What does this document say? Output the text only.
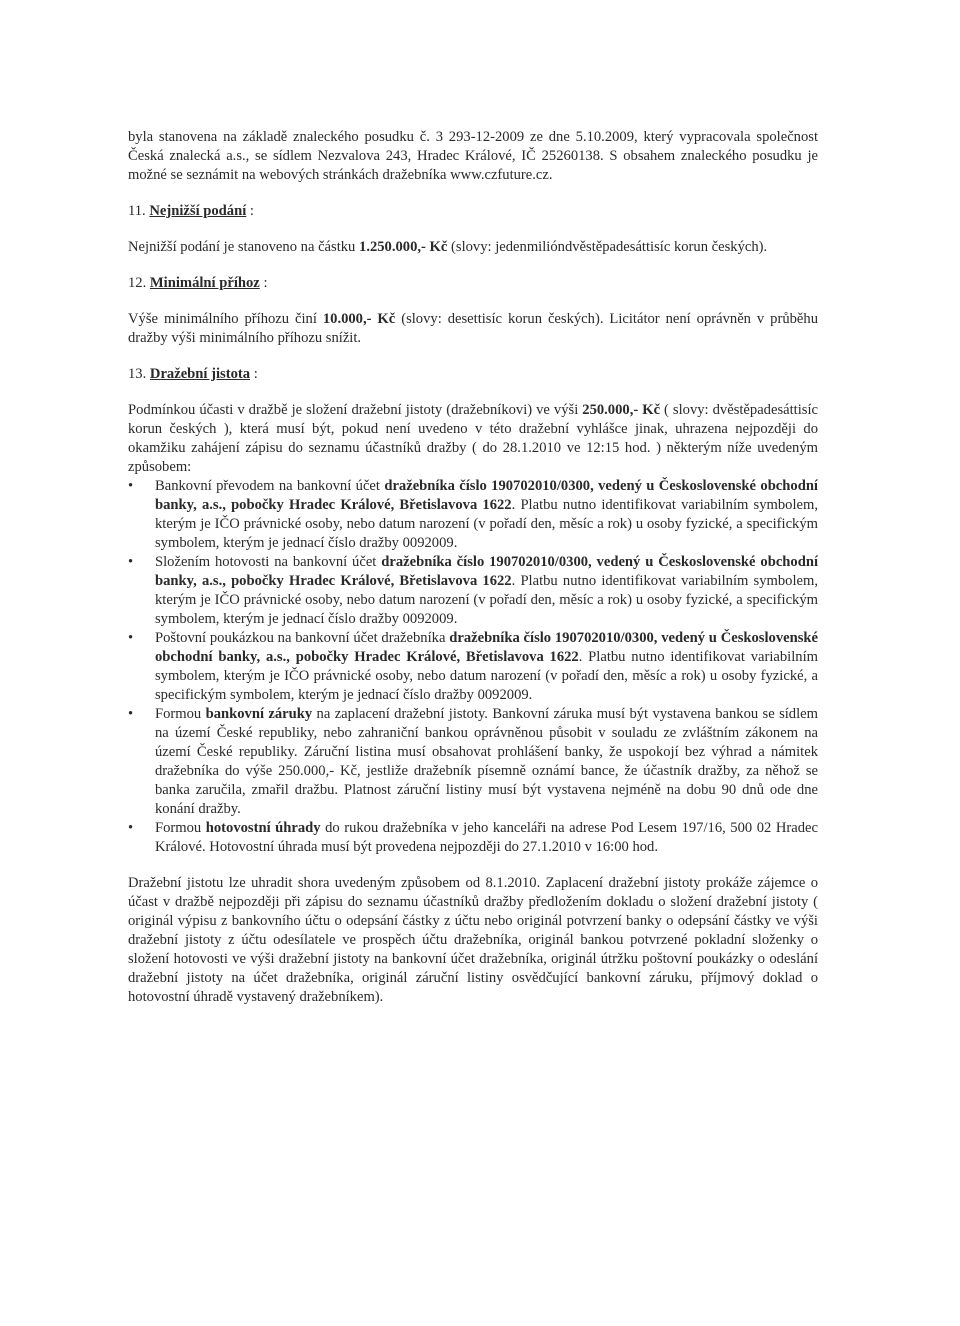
byla stanovena na základě znaleckého posudku č. 3 293-12-2009 ze dne 5.10.2009, který vypracovala společnost Česká znalecká a.s., se sídlem Nezvalova 243, Hradec Králové, IČ 25260138. S obsahem znaleckého posudku je možné se seznámit na webových stránkách dražebníka www.czfuture.cz.

11. Nejnižší podání :

Nejnižší podání je stanoveno na částku 1.250.000,- Kč (slovy: jedenmilióndvěstěpadesáttisíc korun českých).

12. Minimální příhoz :

Výše minimálního příhozu činí 10.000,- Kč (slovy: desettisíc korun českých). Licitátor není oprávněn v průběhu dražby výši minimálního příhozu snížit.

13. Dražební jistota :

Podmínkou účasti v dražbě je složení dražební jistoty (dražebníkovi) ve výši 250.000,- Kč ( slovy: dvěstěpadesáttisíc korun českých ), která musí být, pokud není uvedeno v této dražební vyhlášce jinak, uhrazena nejpozději do okamžiku zahájení zápisu do seznamu účastníků dražby ( do 28.1.2010 ve 12:15 hod. ) některým níže uvedeným způsobem:

• Bankovní převodem na bankovní účet dražebníka číslo 190702010/0300, vedený u Československé obchodní banky, a.s., pobočky Hradec Králové, Břetislavova 1622. Platbu nutno identifikovat variabilním symbolem, kterým je IČO právnické osoby, nebo datum narození (v pořadí den, měsíc a rok) u osoby fyzické, a specifickým symbolem, kterým je jednací číslo dražby 0092009.
• Složením hotovosti na bankovní účet dražebníka číslo 190702010/0300, vedený u Československé obchodní banky, a.s., pobočky Hradec Králové, Břetislavova 1622. Platbu nutno identifikovat variabilním symbolem, kterým je IČO právnické osoby, nebo datum narození (v pořadí den, měsíc a rok) u osoby fyzické, a specifickým symbolem, kterým je jednací číslo dražby 0092009.
• Poštovní poukázkou na bankovní účet dražebníka dražebníka číslo 190702010/0300, vedený u Československé obchodní banky, a.s., pobočky Hradec Králové, Břetislavova 1622. Platbu nutno identifikovat variabilním symbolem, kterým je IČO právnické osoby, nebo datum narození (v pořadí den, měsíc a rok) u osoby fyzické, a specifickým symbolem, kterým je jednací číslo dražby 0092009.
• Formou bankovní záruky na zaplacení dražební jistoty. Bankovní záruka musí být vystavena bankou se sídlem na území České republiky, nebo zahraniční bankou oprávněnou působit v souladu ze zvláštním zákonem na území České republiky. Záruční listina musí obsahovat prohlášení banky, že uspokojí bez výhrad a námitek dražebníka do výše 250.000,- Kč, jestliže dražebník písemně oznámí bance, že účastník dražby, za něhož se banka zaručila, zmařil dražbu. Platnost záruční listiny musí být vystavena nejméně na dobu 90 dnů ode dne konání dražby.
• Formou hotovostní úhrady do rukou dražebníka v jeho kanceláři na adrese Pod Lesem 197/16, 500 02 Hradec Králové. Hotovostní úhrada musí být provedena nejpozději do 27.1.2010 v 16:00 hod.

Dražební jistotu lze uhradit shora uvedeným způsobem od 8.1.2010. Zaplacení dražební jistoty prokáže zájemce o účast v dražbě nejpozději při zápisu do seznamu účastníků dražby předložením dokladu o složení dražební jistoty ( originál výpisu z bankovního účtu o odepsání částky z účtu nebo originál potvrzení banky o odepsání částky ve výši dražební jistoty z účtu odesílatele ve prospěch účtu dražebníka, originál bankou potvrzené pokladní složenky o složení hotovosti ve výši dražební jistoty na bankovní účet dražebníka, originál útržku poštovní poukázky o odeslání dražební jistoty na účet dražebníka, originál záruční listiny osvědčující bankovní záruku, příjmový doklad o hotovostní úhradě vystavený dražebníkem).
